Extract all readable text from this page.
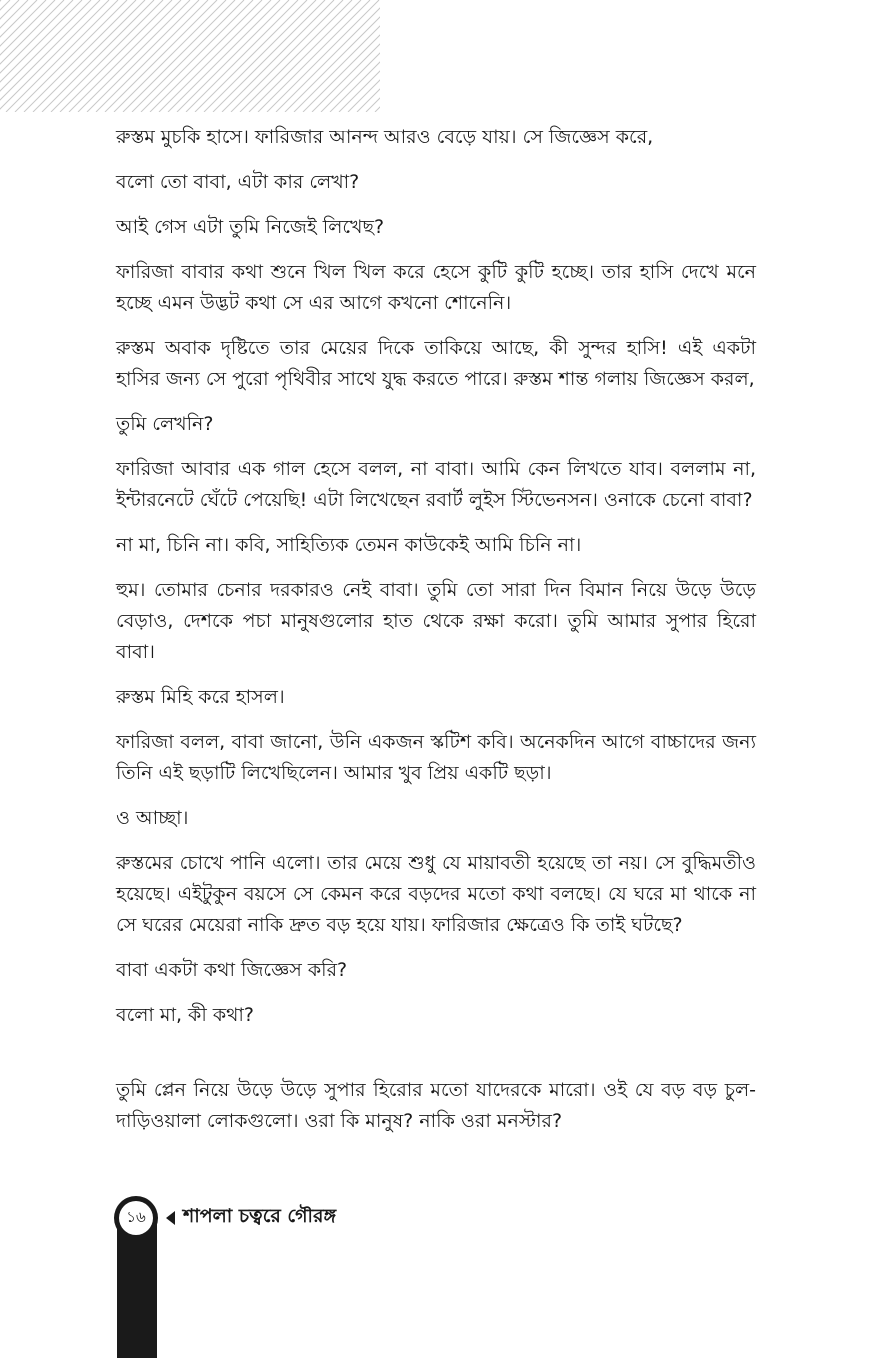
রুস্তম মুচকি হাসে। ফারিজার আনন্দ আরও বেড়ে যায়। সে জিজ্ঞেস করে,

বলো তো বাবা, এটা কার লেখা?

আই গেস এটা তুমি নিজেই লিখেছ?

ফারিজা বাবার কথা শুনে খিল খিল করে হেসে কুটি কুটি হচ্ছে। তার হাসি দেখে মনে হচ্ছে এমন উদ্ভট কথা সে এর আগে কখনো শোনেনি।

রুস্তম অবাক দৃষ্টিতে তার মেয়ের দিকে তাকিয়ে আছে, কী সুন্দর হাসি! এই একটা হাসির জন্য সে পুরো পৃথিবীর সাথে যুদ্ধ করতে পারে। রুস্তম শান্ত গলায় জিজ্ঞেস করল,

তুমি লেখনি?

ফারিজা আবার এক গাল হেসে বলল, না বাবা। আমি কেন লিখতে যাব। বললাম না, ইন্টারনেটে ঘেঁটে পেয়েছি! এটা লিখেছেন রবার্ট লুইস স্টিভেনসন। ওনাকে চেনো বাবা?

না মা, চিনি না। কবি, সাহিত্যিক তেমন কাউকেই আমি চিনি না।

হুম। তোমার চেনার দরকারও নেই বাবা। তুমি তো সারা দিন বিমান নিয়ে উড়ে উড়ে বেড়াও, দেশকে পচা মানুষগুলোর হাত থেকে রক্ষা করো। তুমি আমার সুপার হিরো বাবা।

রুস্তম মিহি করে হাসল।

ফারিজা বলল, বাবা জানো, উনি একজন স্কটিশ কবি। অনেকদিন আগে বাচ্চাদের জন্য তিনি এই ছড়াটি লিখেছিলেন। আমার খুব প্রিয় একটি ছড়া।

ও আচ্ছা।

রুস্তমের চোখে পানি এলো। তার মেয়ে শুধু যে মায়াবতী হয়েছে তা নয়। সে বুদ্ধিমতীও হয়েছে। এইটুকুন বয়সে সে কেমন করে বড়দের মতো কথা বলছে। যে ঘরে মা থাকে না সে ঘরের মেয়েরা নাকি দ্রুত বড় হয়ে যায়। ফারিজার ক্ষেত্রেও কি তাই ঘটছে?

বাবা একটা কথা জিজ্ঞেস করি?

বলো মা, কী কথা?

তুমি প্লেন নিয়ে উড়ে উড়ে সুপার হিরোর মতো যাদেরকে মারো। ওই যে বড় বড় চুল-দাড়িওয়ালা লোকগুলো। ওরা কি মানুষ? নাকি ওরা মনস্টার?

১৬	শাপলা চত্বরে গৌরঙ্গ
